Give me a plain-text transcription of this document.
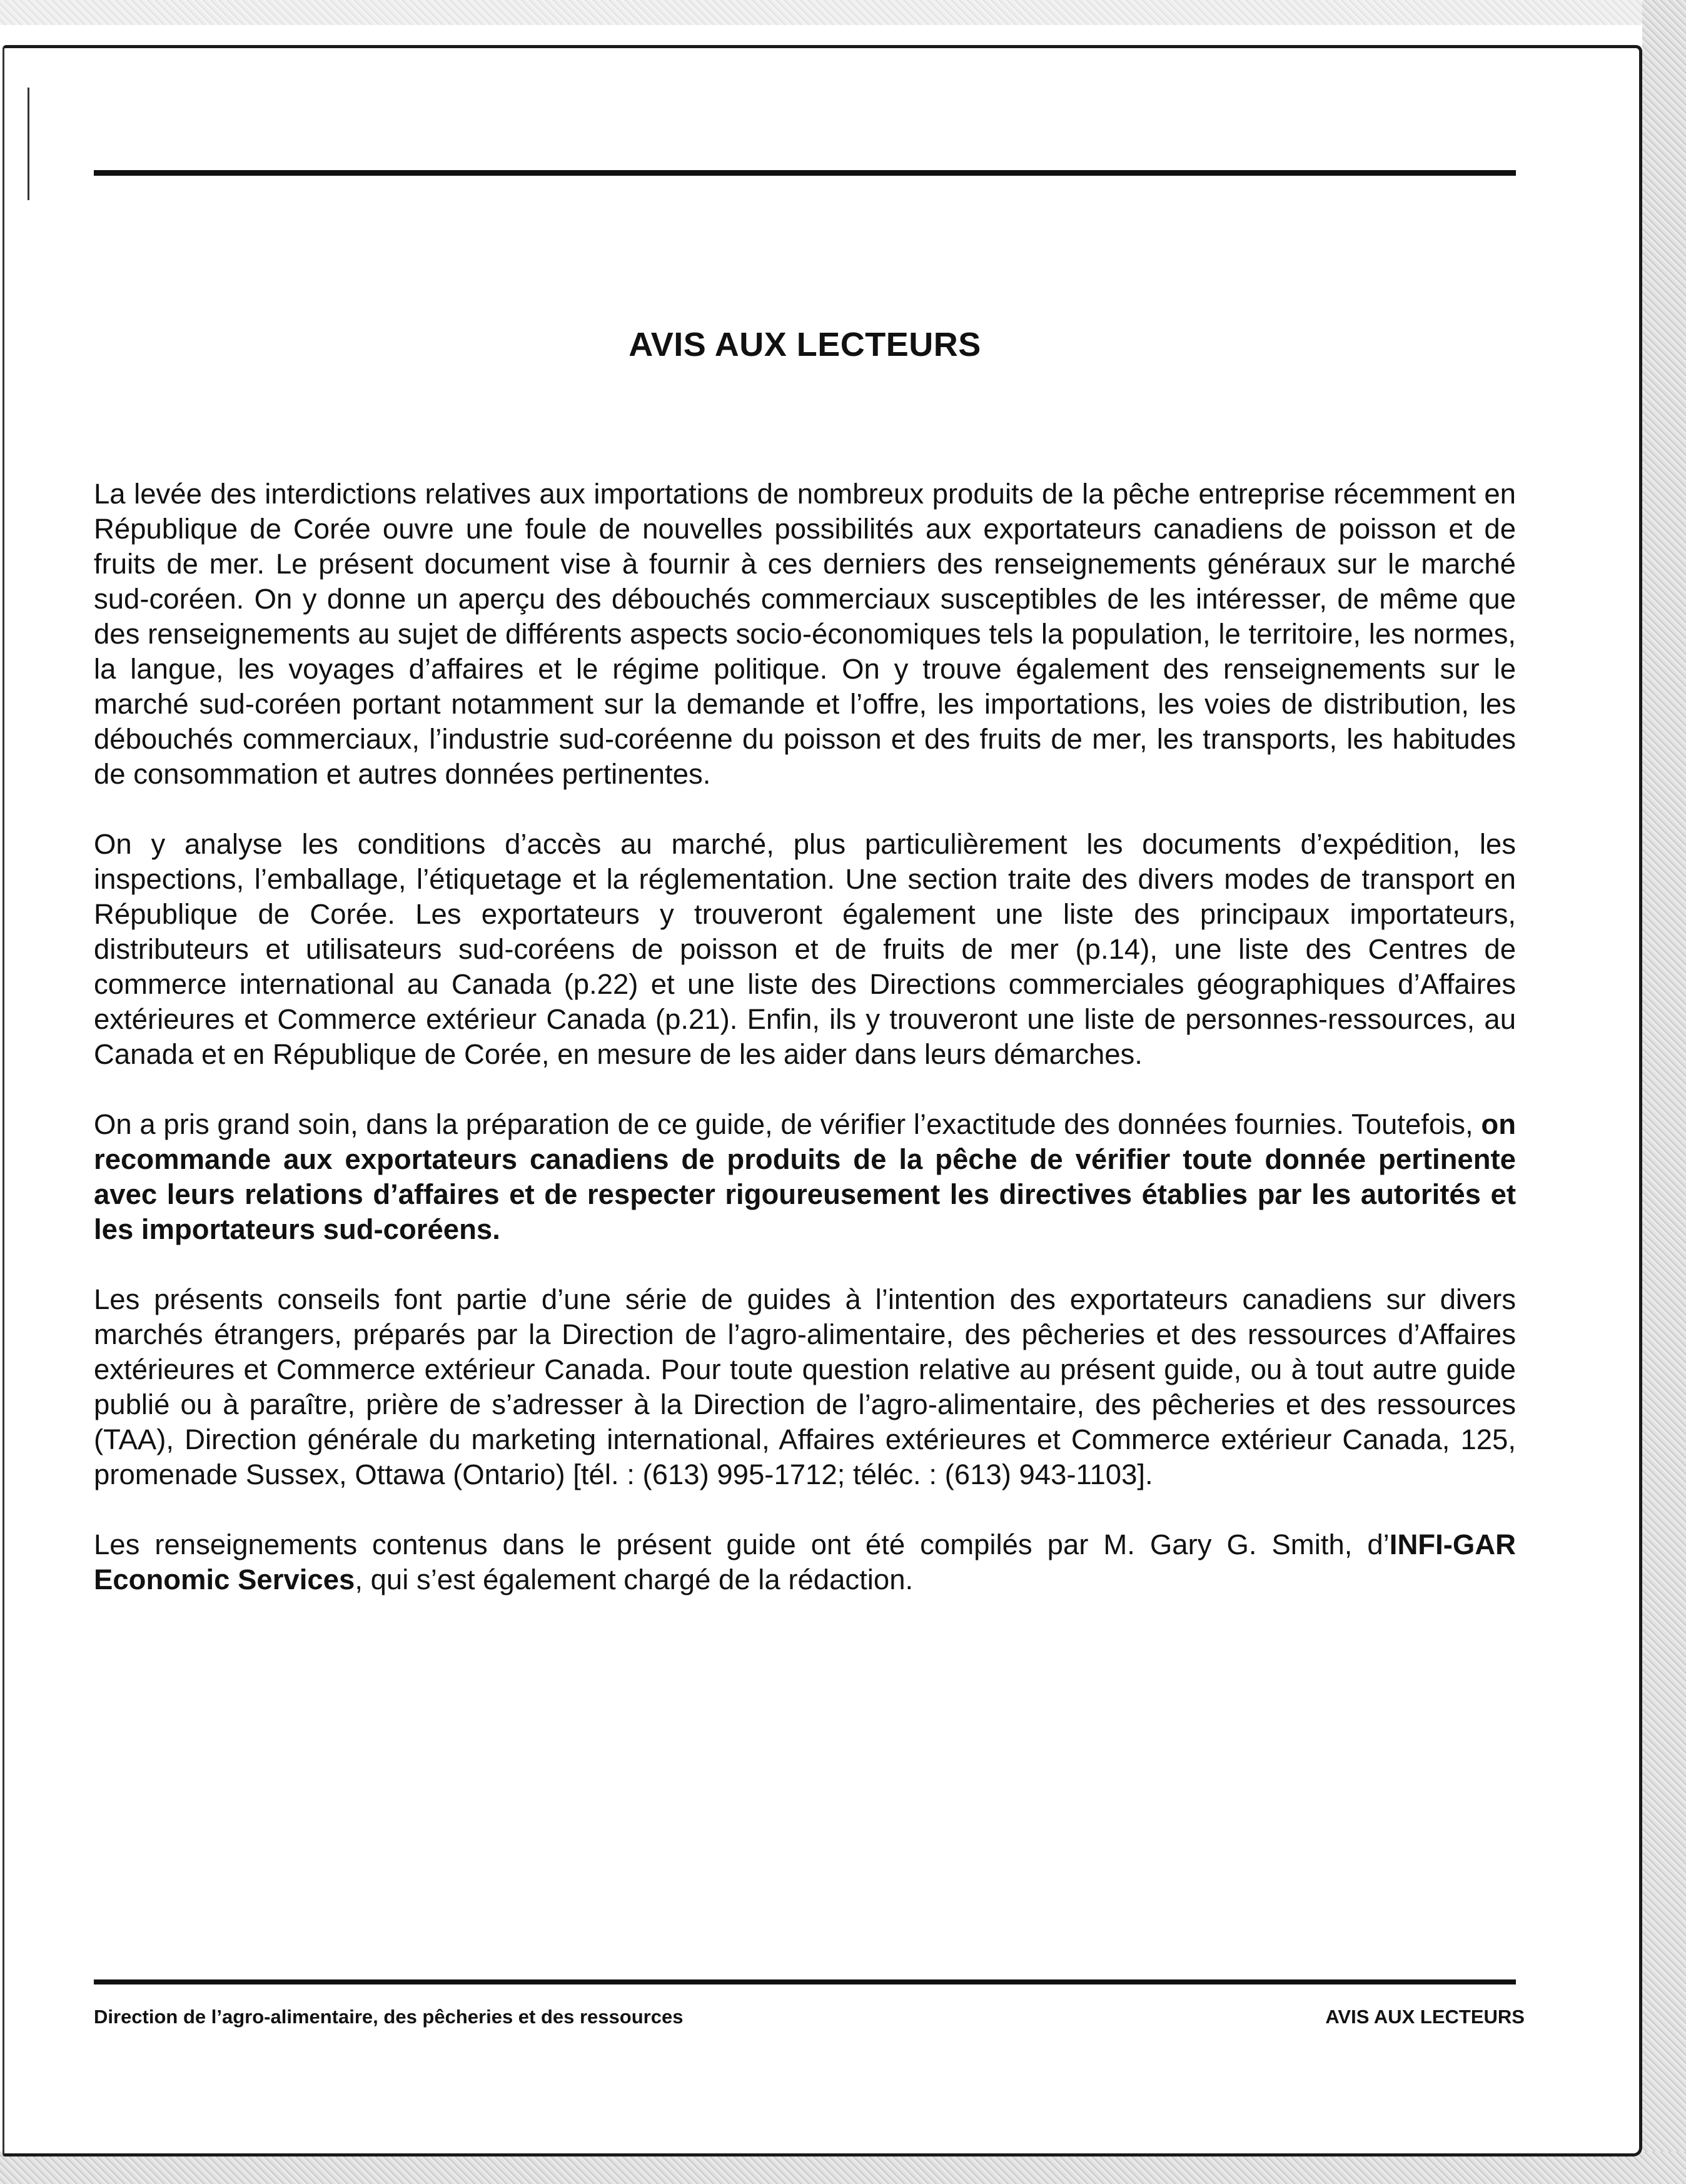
AVIS AUX LECTEURS

La levée des interdictions relatives aux importations de nombreux produits de la pêche entreprise récemment en République de Corée ouvre une foule de nouvelles possibilités aux exportateurs canadiens de poisson et de fruits de mer. Le présent document vise à fournir à ces derniers des renseignements généraux sur le marché sud-coréen. On y donne un aperçu des débouchés commerciaux susceptibles de les intéresser, de même que des renseignements au sujet de différents aspects socio-économiques tels la population, le territoire, les normes, la langue, les voyages d’affaires et le régime politique. On y trouve également des renseignements sur le marché sud-coréen portant notamment sur la demande et l’offre, les importations, les voies de distribution, les débouchés commerciaux, l’industrie sud-coréenne du poisson et des fruits de mer, les transports, les habitudes de consommation et autres données pertinentes.

On y analyse les conditions d’accès au marché, plus particulièrement les documents d’expédition, les inspections, l’emballage, l’étiquetage et la réglementation. Une section traite des divers modes de transport en République de Corée. Les exportateurs y trouveront également une liste des principaux importateurs, distributeurs et utilisateurs sud-coréens de poisson et de fruits de mer (p.14), une liste des Centres de commerce international au Canada (p.22) et une liste des Directions commerciales géographiques d’Affaires extérieures et Commerce extérieur Canada (p.21). Enfin, ils y trouveront une liste de personnes-ressources, au Canada et en République de Corée, en mesure de les aider dans leurs démarches.

On a pris grand soin, dans la préparation de ce guide, de vérifier l’exactitude des données fournies. Toutefois, on recommande aux exportateurs canadiens de produits de la pêche de vérifier toute donnée pertinente avec leurs relations d’affaires et de respecter rigoureusement les directives établies par les autorités et les importateurs sud-coréens.

Les présents conseils font partie d’une série de guides à l’intention des exportateurs canadiens sur divers marchés étrangers, préparés par la Direction de l’agro-alimentaire, des pêcheries et des ressources d’Affaires extérieures et Commerce extérieur Canada. Pour toute question relative au présent guide, ou à tout autre guide publié ou à paraître, prière de s’adresser à la Direction de l’agro-alimentaire, des pêcheries et des ressources (TAA), Direction générale du marketing international, Affaires extérieures et Commerce extérieur Canada, 125, promenade Sussex, Ottawa (Ontario) [tél. : (613) 995-1712; téléc. : (613) 943-1103].

Les renseignements contenus dans le présent guide ont été compilés par M. Gary G. Smith, d’INFI-GAR Economic Services, qui s’est également chargé de la rédaction.

Direction de l’agro-alimentaire, des pêcheries et des ressources	AVIS AUX LECTEURS
